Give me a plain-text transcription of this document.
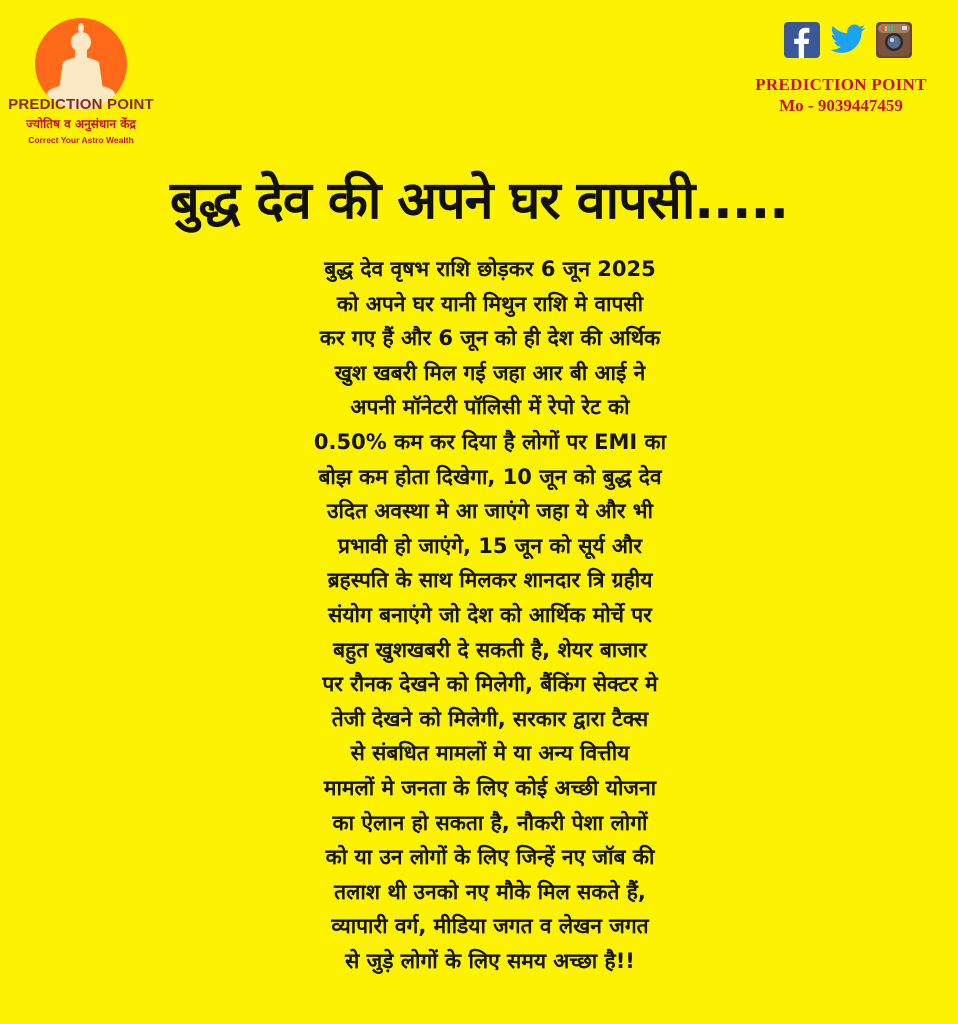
PREDICTION POINT
ज्योतिष व अनुसंधान केंद्र
Correct Your Astro Wealth
PREDICTION POINT
Mo - 9039447459
बुद्ध देव की अपने घर वापसी.....
बुद्ध देव वृषभ राशि छोड़कर 6 जून 2025
को अपने घर यानी मिथुन राशि मे वापसी
कर गए हैं और 6 जून को ही देश की अर्थिक
खुश खबरी मिल गई जहा आर बी आई ने
अपनी मॉनेटरी पॉलिसी में रेपो रेट को
0.50% कम कर दिया है लोगों पर EMI का
बोझ कम होता दिखेगा, 10 जून को बुद्ध देव
उदित अवस्था मे आ जाएंगे जहा ये और भी
प्रभावी हो जाएंगे, 15 जून को सूर्य और
ब्रहस्पति के साथ मिलकर शानदार त्रि ग्रहीय
संयोग बनाएंगे जो देश को आर्थिक मोर्चे पर
बहुत खुशखबरी दे सकती है, शेयर बाजार
पर रौनक देखने को मिलेगी, बैंकिंग सेक्टर मे
तेजी देखने को मिलेगी, सरकार द्वारा टैक्स
से संबधित मामलों मे या अन्य वित्तीय
मामलों मे जनता के लिए कोई अच्छी योजना
का ऐलान हो सकता है, नौकरी पेशा लोगों
को या उन लोगों के लिए जिन्हें नए जॉब की
तलाश थी उनको नए मौके मिल सकते हैं,
व्यापारी वर्ग, मीडिया जगत व लेखन जगत
से जुड़े लोगों के लिए समय अच्छा है!!
